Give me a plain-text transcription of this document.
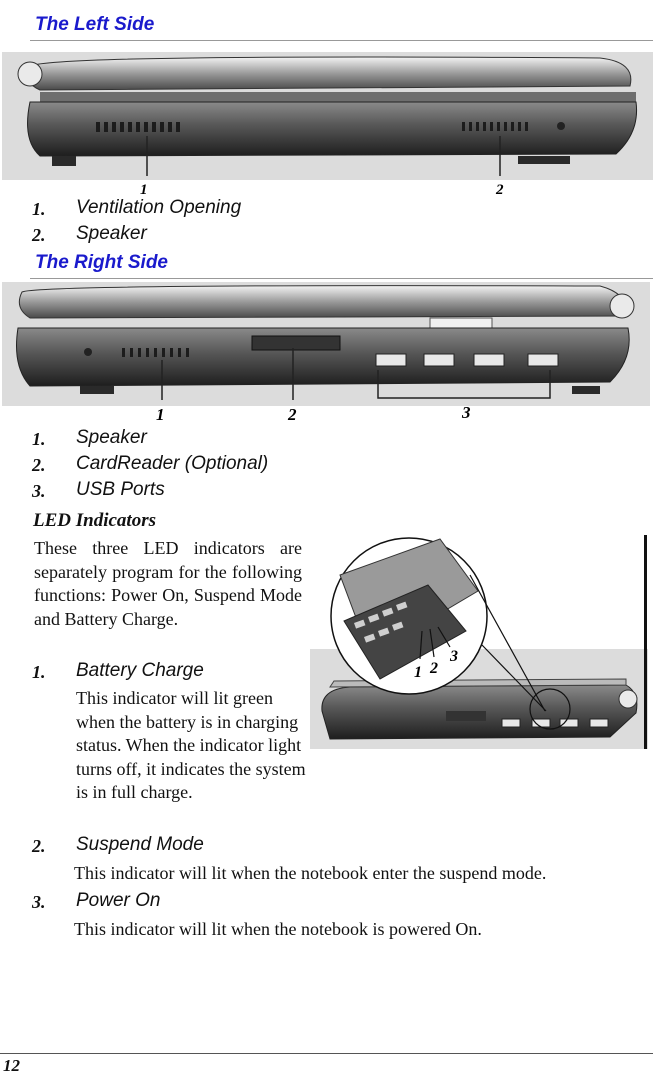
The Left Side
1	2
1. Ventilation Opening
2. Speaker
The Right Side
1	2	3
1. Speaker
2. CardReader (Optional)
3. USB Ports
LED Indicators
These three LED indicators are separately program for the following functions: Power On, Suspend Mode and Battery Charge.
1. Battery Charge
This indicator will lit green when the battery is in charging status. When the indicator light turns off, it indicates the system is in full charge.
1 2
3
2. Suspend Mode
This indicator will lit when the notebook enter the suspend mode.
3. Power On
This indicator will lit when the notebook is powered On.
12
